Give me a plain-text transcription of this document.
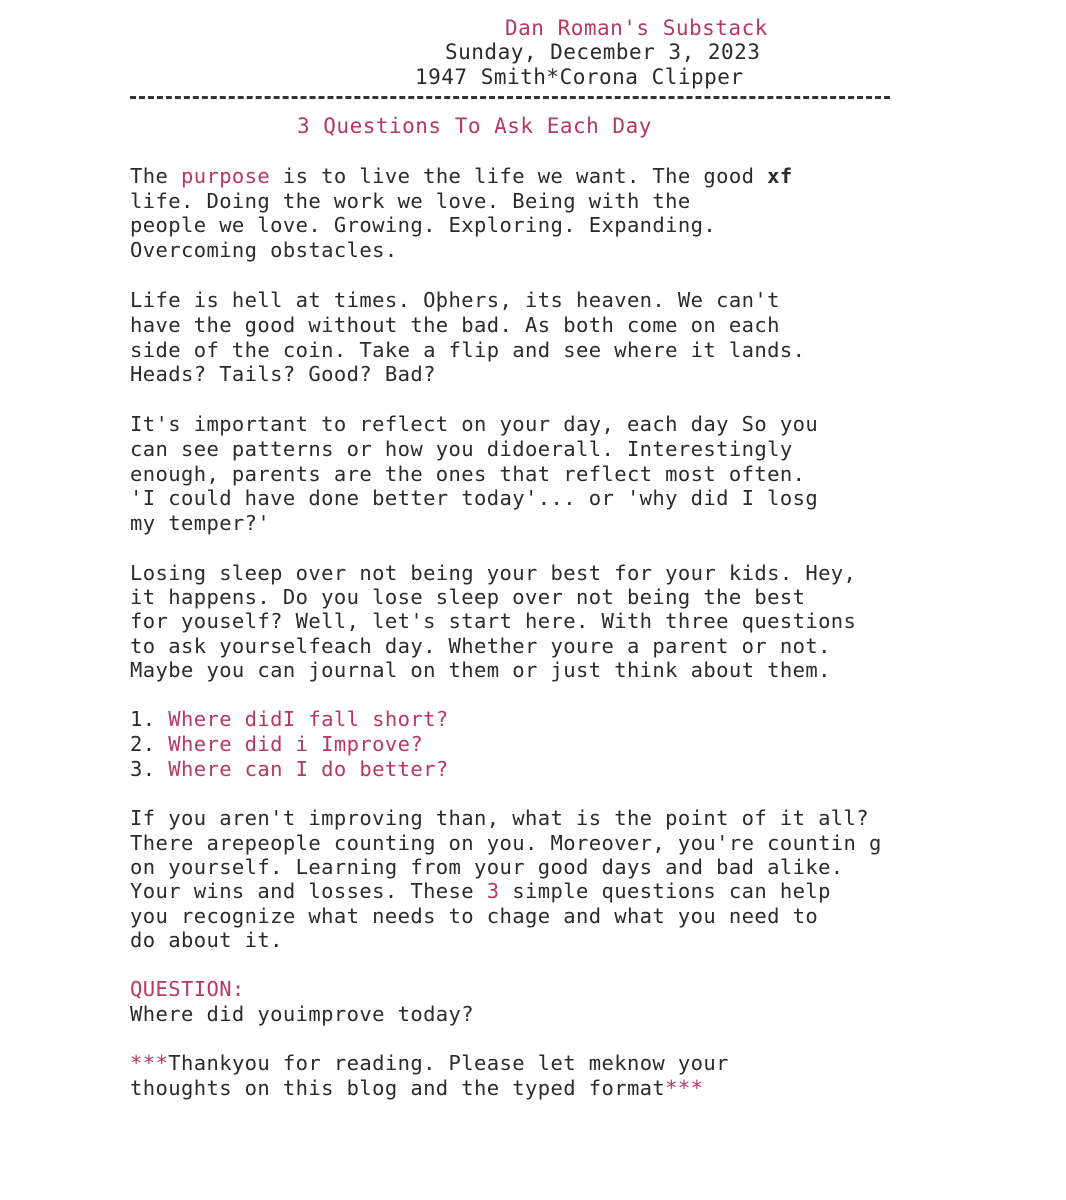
Dan Roman's Substack
Sunday, December 3, 2023
1947 Smith*Corona Clipper
3 Questions To Ask Each Day
The purpose is to live the life we want. The good xf
life. Doing the work we love. Being with the
people we love. Growing. Exploring. Expanding.
Overcoming obstacles.
Life is hell at times. Oþhers, its heaven. We can't
have the good without the bad. As both come on each
side of the coin. Take a flip and see where it lands.
Heads? Tails? Good? Bad?
It's important to reflect on your day, each day So you
can see patterns or how you didoerall. Interestingly
enough, parents are the ones that reflect most often.
'I could have done better today'... or 'why did I losg
my temper?'
Losing sleep over not being your best for your kids. Hey,
it happens. Do you lose sleep over not being the best
for youself? Well, let's start here. With three questions
to ask yourselfeach day. Whether youre a parent or not.
Maybe you can journal on them or just think about them.
1. Where didI fall short?
2. Where did i Improve?
3. Where can I do better?
If you aren't improving than, what is the point of it all?
There arepeople counting on you. Moreover, you're countin g
on yourself. Learning from your good days and bad alike.
Your wins and losses. These 3 simple questions can help
you recognize what needs to chage and what you need to
do about it.
QUESTION:
Where did youimprove today?
***Thankyou for reading. Please let meknow your
thoughts on this blog and the typed format***
